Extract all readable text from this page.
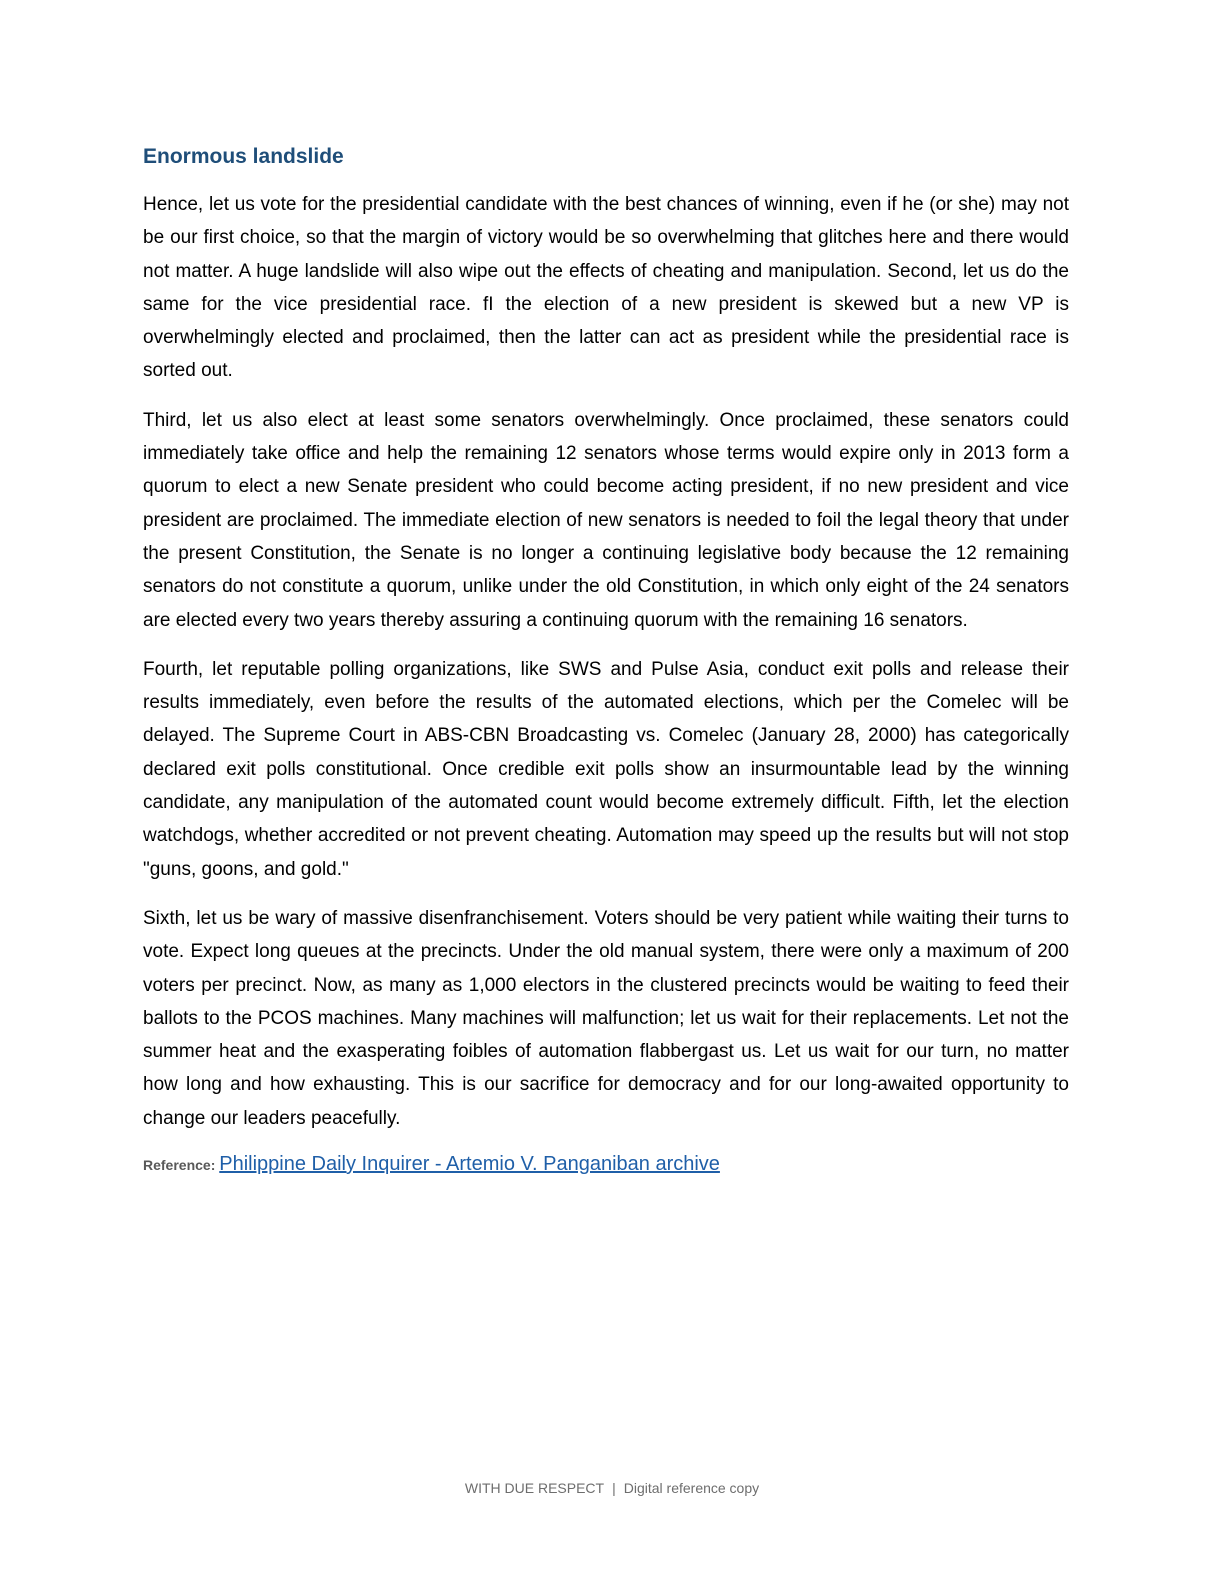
Enormous landslide

Hence, let us vote for the presidential candidate with the best chances of winning, even if he (or she) may not be our first choice, so that the margin of victory would be so overwhelming that glitches here and there would not matter. A huge landslide will also wipe out the effects of cheating and manipulation. Second, let us do the same for the vice presidential race. fI the election of a new president is skewed but a new VP is overwhelmingly elected and proclaimed, then the latter can act as president while the presidential race is sorted out.

Third, let us also elect at least some senators overwhelmingly. Once proclaimed, these senators could immediately take office and help the remaining 12 senators whose terms would expire only in 2013 form a quorum to elect a new Senate president who could become acting president, if no new president and vice president are proclaimed. The immediate election of new senators is needed to foil the legal theory that under the present Constitution, the Senate is no longer a continuing legislative body because the 12 remaining senators do not constitute a quorum, unlike under the old Constitution, in which only eight of the 24 senators are elected every two years thereby assuring a continuing quorum with the remaining 16 senators.

Fourth, let reputable polling organizations, like SWS and Pulse Asia, conduct exit polls and release their results immediately, even before the results of the automated elections, which per the Comelec will be delayed. The Supreme Court in ABS-CBN Broadcasting vs. Comelec (January 28, 2000) has categorically declared exit polls constitutional. Once credible exit polls show an insurmountable lead by the winning candidate, any manipulation of the automated count would become extremely difficult. Fifth, let the election watchdogs, whether accredited or not prevent cheating. Automation may speed up the results but will not stop "guns, goons, and gold."

Sixth, let us be wary of massive disenfranchisement. Voters should be very patient while waiting their turns to vote. Expect long queues at the precincts. Under the old manual system, there were only a maximum of 200 voters per precinct. Now, as many as 1,000 electors in the clustered precincts would be waiting to feed their ballots to the PCOS machines. Many machines will malfunction; let us wait for their replacements. Let not the summer heat and the exasperating foibles of automation flabbergast us. Let us wait for our turn, no matter how long and how exhausting. This is our sacrifice for democracy and for our long-awaited opportunity to change our leaders peacefully.

Reference: Philippine Daily Inquirer - Artemio V. Panganiban archive
WITH DUE RESPECT | Digital reference copy
